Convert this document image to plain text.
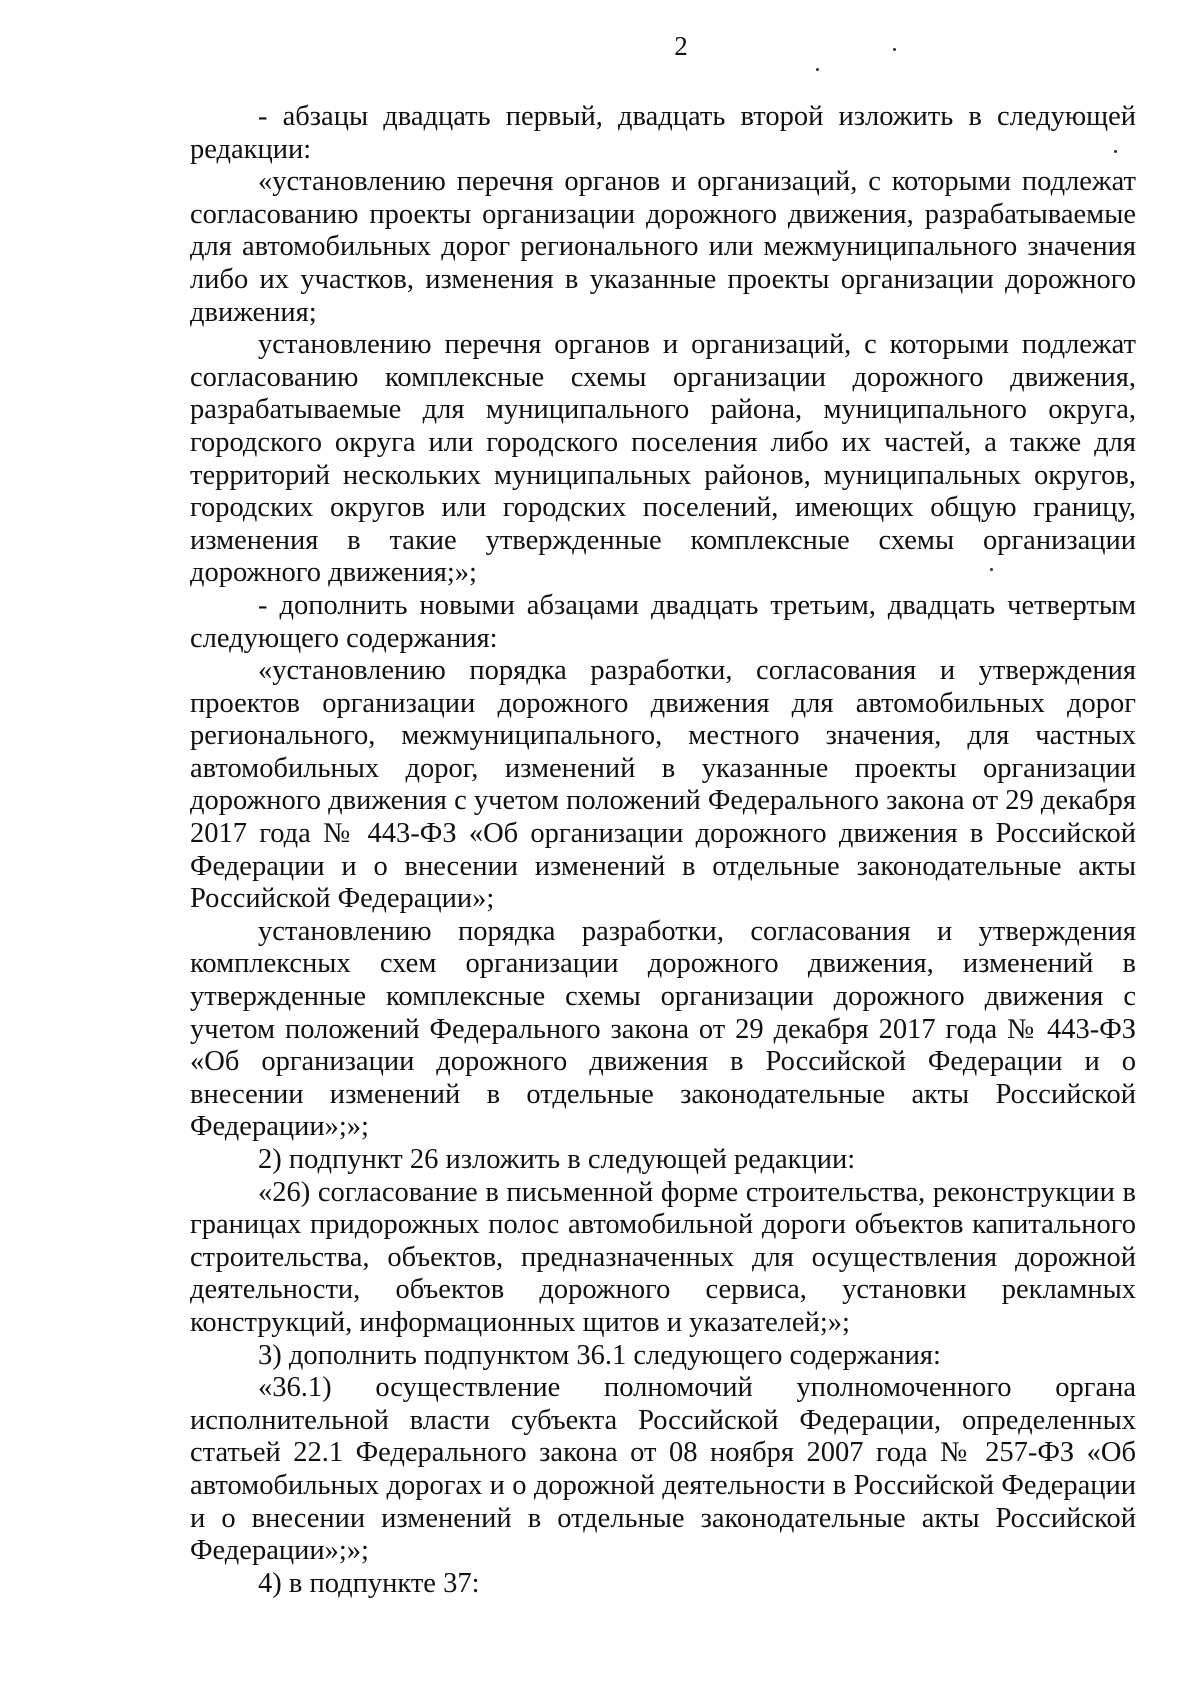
2

- абзацы двадцать первый, двадцать второй изложить в следующей редакции:

«установлению перечня органов и организаций, с которыми подлежат согласованию проекты организации дорожного движения, разрабатываемые для автомобильных дорог регионального или межмуниципального значения либо их участков, изменения в указанные проекты организации дорожного движения;

установлению перечня органов и организаций, с которыми подлежат согласованию комплексные схемы организации дорожного движения, разрабатываемые для муниципального района, муниципального округа, городского округа или городского поселения либо их частей, а также для территорий нескольких муниципальных районов, муниципальных округов, городских округов или городских поселений, имеющих общую границу, изменения в такие утвержденные комплексные схемы организации дорожного движения;»;

- дополнить новыми абзацами двадцать третьим, двадцать четвертым следующего содержания:

«установлению порядка разработки, согласования и утверждения проектов организации дорожного движения для автомобильных дорог регионального, межмуниципального, местного значения, для частных автомобильных дорог, изменений в указанные проекты организации дорожного движения с учетом положений Федерального закона от 29 декабря 2017 года № 443-ФЗ «Об организации дорожного движения в Российской Федерации и о внесении изменений в отдельные законодательные акты Российской Федерации»;

установлению порядка разработки, согласования и утверждения комплексных схем организации дорожного движения, изменений в утвержденные комплексные схемы организации дорожного движения с учетом положений Федерального закона от 29 декабря 2017 года № 443-ФЗ «Об организации дорожного движения в Российской Федерации и о внесении изменений в отдельные законодательные акты Российской Федерации»;»;

2) подпункт 26 изложить в следующей редакции:

«26) согласование в письменной форме строительства, реконструкции в границах придорожных полос автомобильной дороги объектов капитального строительства, объектов, предназначенных для осуществления дорожной деятельности, объектов дорожного сервиса, установки рекламных конструкций, информационных щитов и указателей;»;

3) дополнить подпунктом 36.1 следующего содержания:

«36.1) осуществление полномочий уполномоченного органа исполнительной власти субъекта Российской Федерации, определенных статьей 22.1 Федерального закона от 08 ноября 2007 года № 257-ФЗ «Об автомобильных дорогах и о дорожной деятельности в Российской Федерации и о внесении изменений в отдельные законодательные акты Российской Федерации»;»;

4) в подпункте 37:
